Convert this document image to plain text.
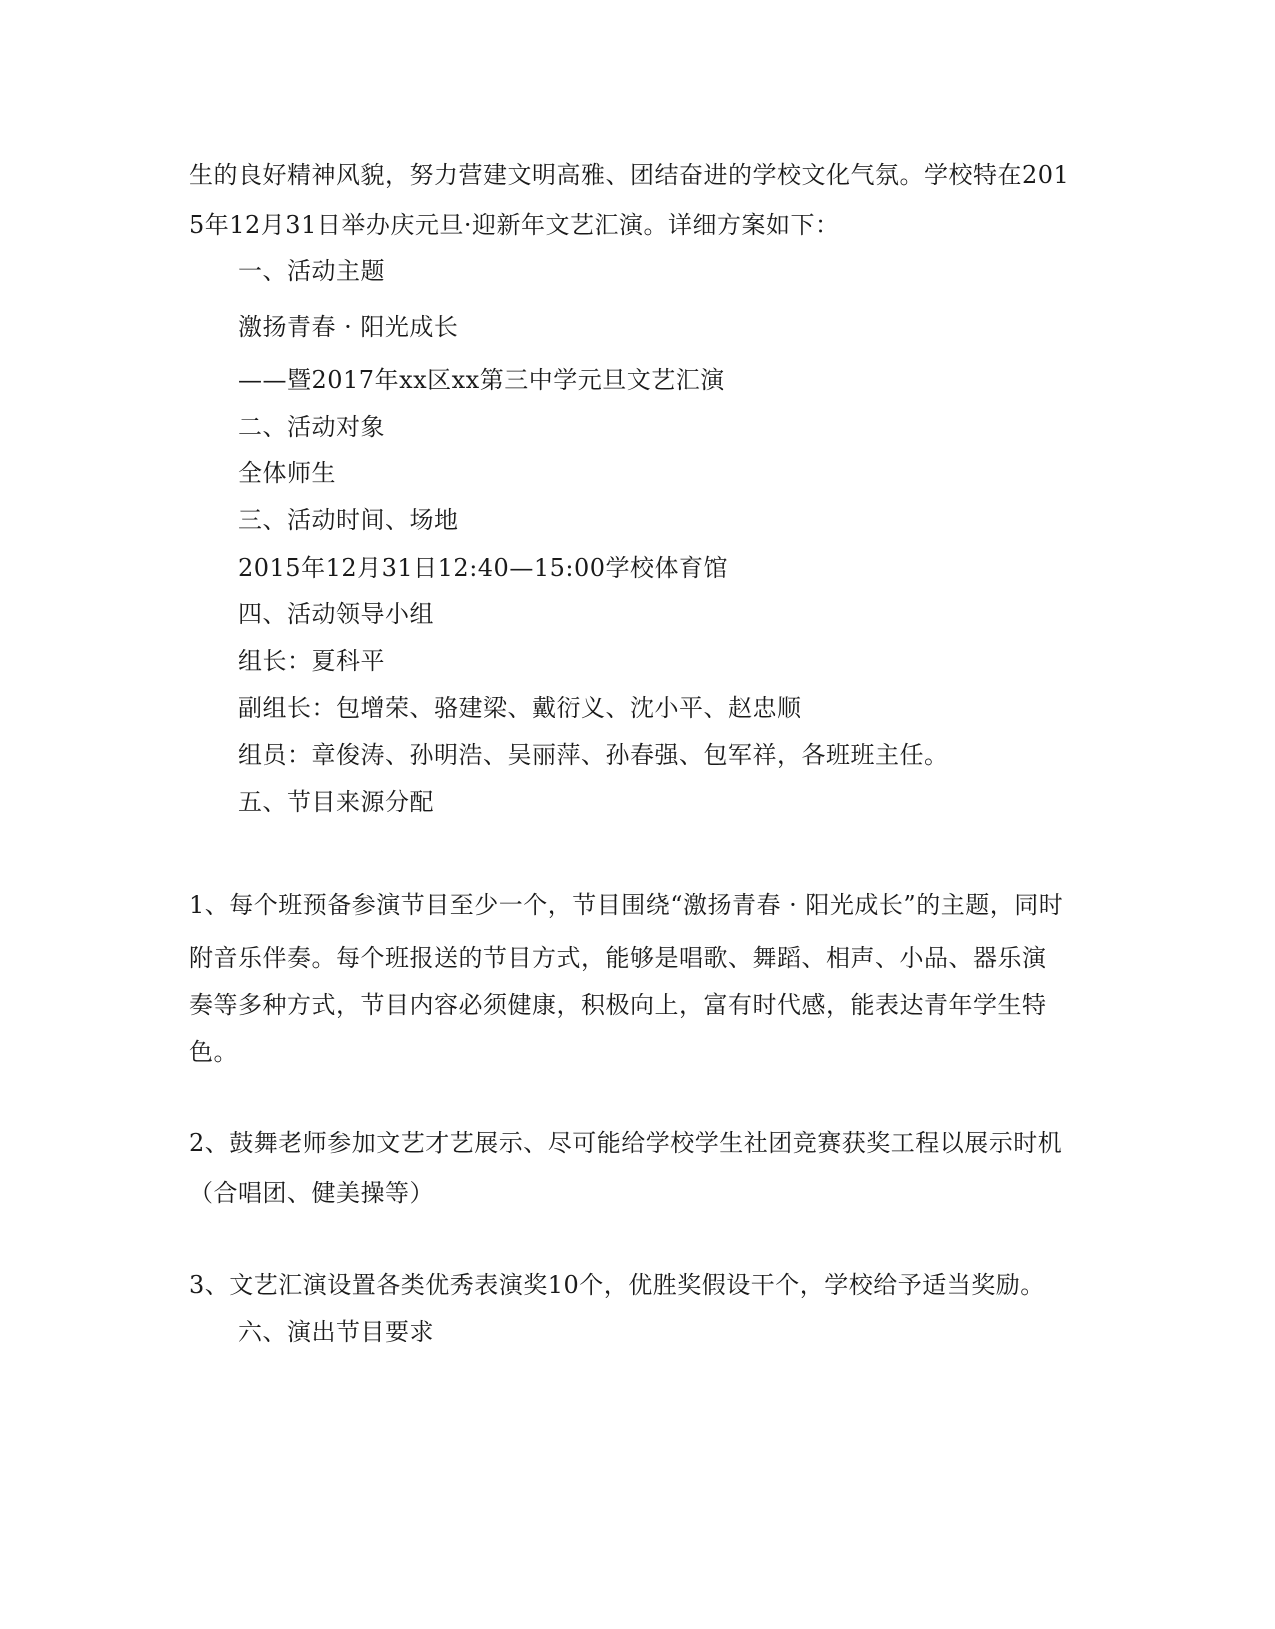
生的良好精神风貌，努力营建文明高雅、团结奋进的学校文化气氛。学校特在201
5年12月31日举办庆元旦·迎新年文艺汇演。详细方案如下：
一、活动主题
激扬青春 · 阳光成长
——暨2017年xx区xx第三中学元旦文艺汇演
二、活动对象
全体师生
三、活动时间、场地
2015年12月31日12:40—15:00学校体育馆
四、活动领导小组
组长：夏科平
副组长：包增荣、骆建梁、戴衍义、沈小平、赵忠顺
组员：章俊涛、孙明浩、吴丽萍、孙春强、包军祥，各班班主任。
五、节目来源分配
1、每个班预备参演节目至少一个，节目围绕“激扬青春 · 阳光成长”的主题，同时
附音乐伴奏。每个班报送的节目方式，能够是唱歌、舞蹈、相声、小品、器乐演
奏等多种方式，节目内容必须健康，积极向上，富有时代感，能表达青年学生特
色。
2、鼓舞老师参加文艺才艺展示、尽可能给学校学生社团竞赛获奖工程以展示时机
（合唱团、健美操等）
3、文艺汇演设置各类优秀表演奖10个，优胜奖假设干个，学校给予适当奖励。
六、演出节目要求
